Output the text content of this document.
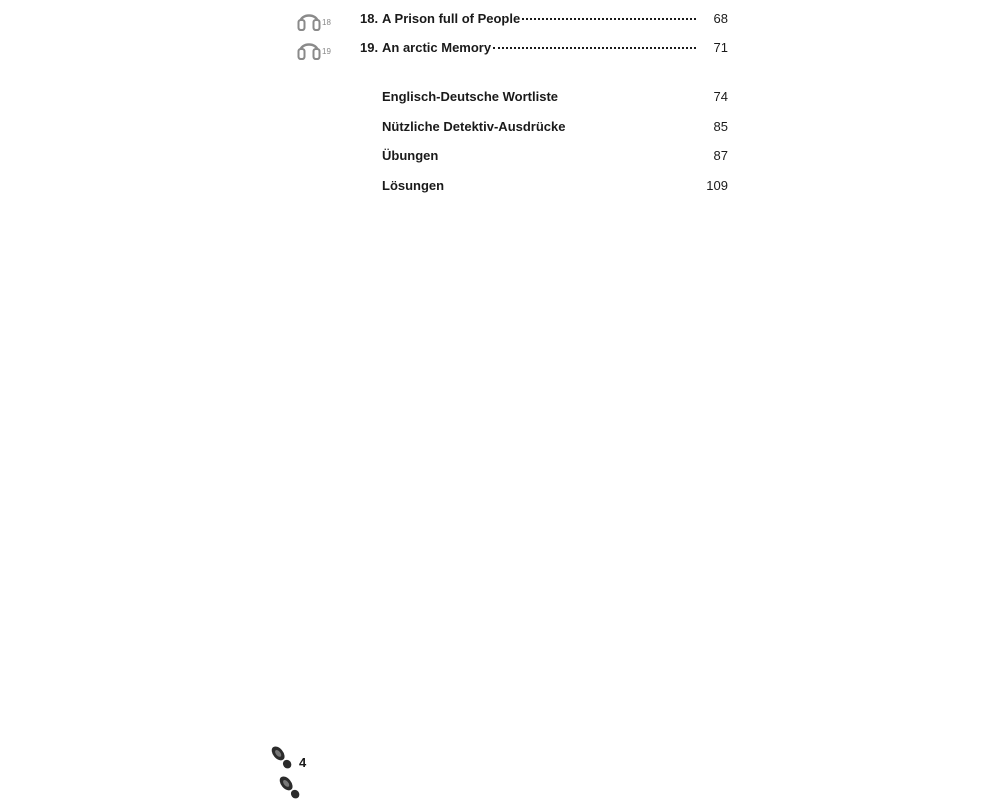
18 18. A Prison full of People	68
19 19. An arctic Memory	71
Englisch-Deutsche Wortliste	74
Nützliche Detektiv-Ausdrücke	85
Übungen	87
Lösungen	109
4
